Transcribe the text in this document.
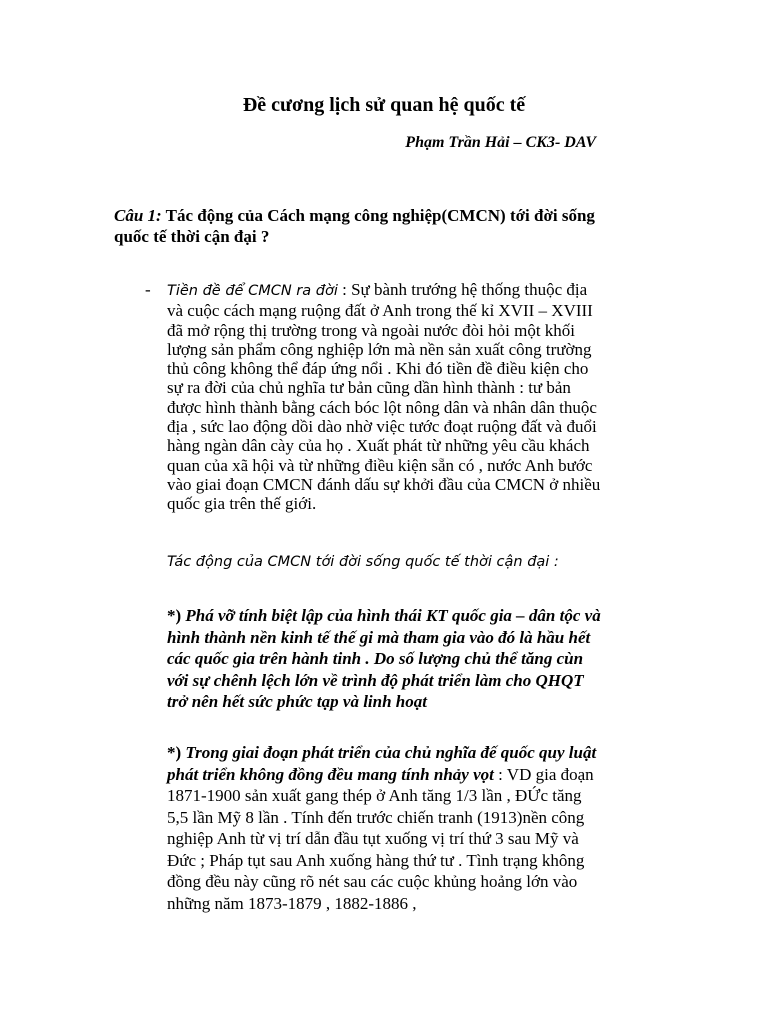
Đề cương lịch sử quan hệ quốc tế
Phạm Trần Hải – CK3- DAV
Câu 1: Tác động của Cách mạng công nghiệp(CMCN) tới đời sống quốc tế thời cận đại ?
- Tiền đề để CMCN ra đời : Sự bành trướng hệ thống thuộc địa và cuộc cách mạng ruộng đất ở Anh trong thế kỉ XVII – XVIII đã mở rộng thị trường trong và ngoài nước đòi hỏi một khối lượng sản phẩm công nghiệp lớn mà nền sản xuất công trường thủ công không thể đáp ứng nổi . Khi đó tiền đề điều kiện cho sự ra đời của chủ nghĩa tư bản cũng dần hình thành : tư bản được hình thành bằng cách bóc lột nông dân và nhân dân thuộc địa , sức lao động dồi dào nhờ việc tước đoạt ruộng đất và đuổi hàng ngàn dân cày của họ . Xuất phát từ những yêu cầu khách quan của xã hội và từ những điều kiện sẵn có , nước Anh bước vào giai đoạn CMCN đánh dấu sự khởi đầu của CMCN ở nhiều quốc gia trên thế giới.
Tác động của CMCN tới đời sống quốc tế thời cận đại :
*) Phá vỡ tính biệt lập của hình thái KT quốc gia – dân tộc và hình thành nền kinh tế thế gi mà tham gia vào đó là hầu hết các quốc gia trên hành tinh . Do số lượng chủ thể tăng cùn với sự chênh lệch lớn về trình độ phát triển làm cho QHQT trở nên hết sức phức tạp và linh hoạt
*) Trong giai đoạn phát triển của chủ nghĩa đế quốc quy luật phát triển không đồng đều mang tính nhảy vọt : VD gia đoạn 1871-1900 sản xuất gang thép ở Anh tăng 1/3 lần , ĐỨc tăng 5,5 lần Mỹ 8 lần . Tính đến trước chiến tranh (1913)nền công nghiệp Anh từ vị trí dẫn đầu tụt xuống vị trí thứ 3 sau Mỹ và Đức ; Pháp tụt sau Anh xuống hàng thứ tư . Tình trạng không đồng đều này cũng rõ nét sau các cuộc khủng hoảng lớn vào những năm 1873-1879 , 1882-1886 ,
